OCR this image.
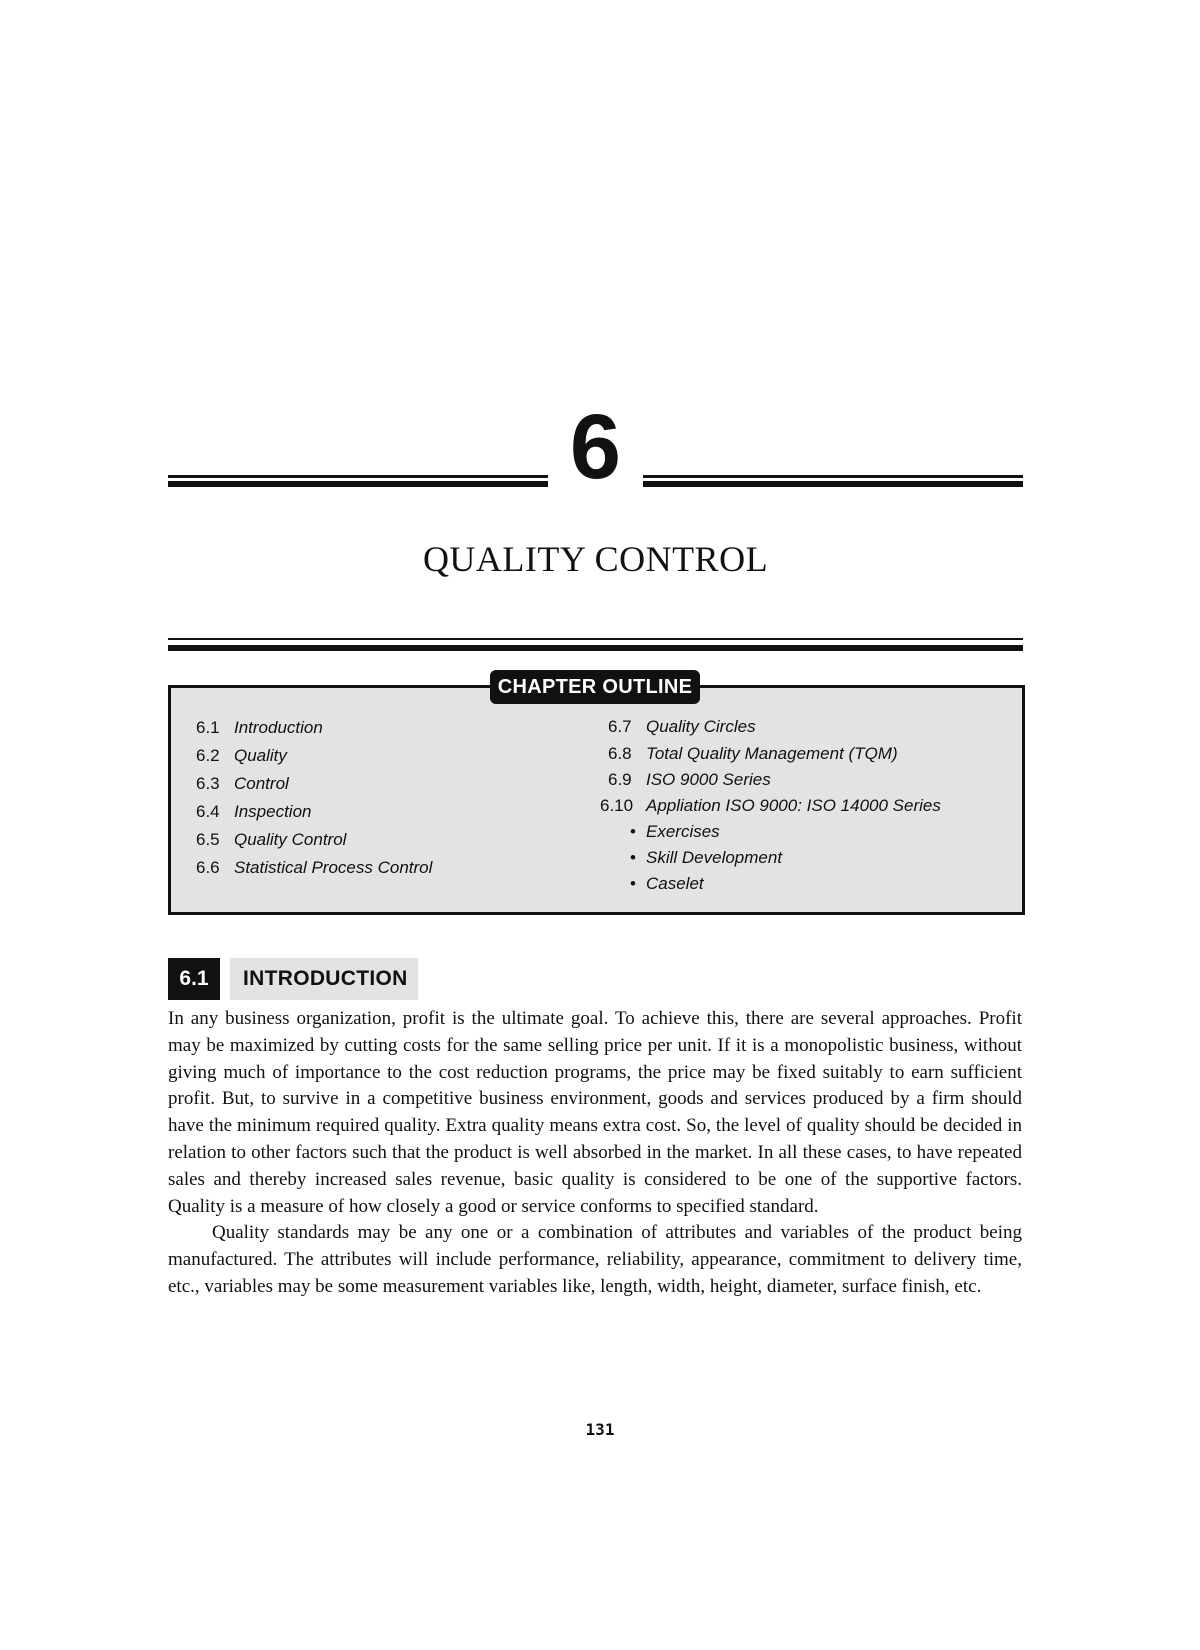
6
QUALITY CONTROL
CHAPTER OUTLINE
6.1 Introduction
6.2 Quality
6.3 Control
6.4 Inspection
6.5 Quality Control
6.6 Statistical Process Control
6.7 Quality Circles
6.8 Total Quality Management (TQM)
6.9 ISO 9000 Series
6.10 Appliation ISO 9000: ISO 14000 Series
• Exercises
• Skill Development
• Caselet
6.1	INTRODUCTION

In any business organization, profit is the ultimate goal. To achieve this, there are several approaches. Profit may be maximized by cutting costs for the same selling price per unit. If it is a monopolistic business, without giving much of importance to the cost reduction programs, the price may be fixed suitably to earn sufficient profit. But, to survive in a competitive business environment, goods and services produced by a firm should have the minimum required quality. Extra quality means extra cost. So, the level of quality should be decided in relation to other factors such that the product is well absorbed in the market. In all these cases, to have repeated sales and thereby increased sales revenue, basic quality is considered to be one of the supportive factors. Quality is a measure of how closely a good or service conforms to specified standard.

Quality standards may be any one or a combination of attributes and variables of the product being manufactured. The attributes will include performance, reliability, appearance, commitment to delivery time, etc., variables may be some measurement variables like, length, width, height, diameter, surface finish, etc.

131
